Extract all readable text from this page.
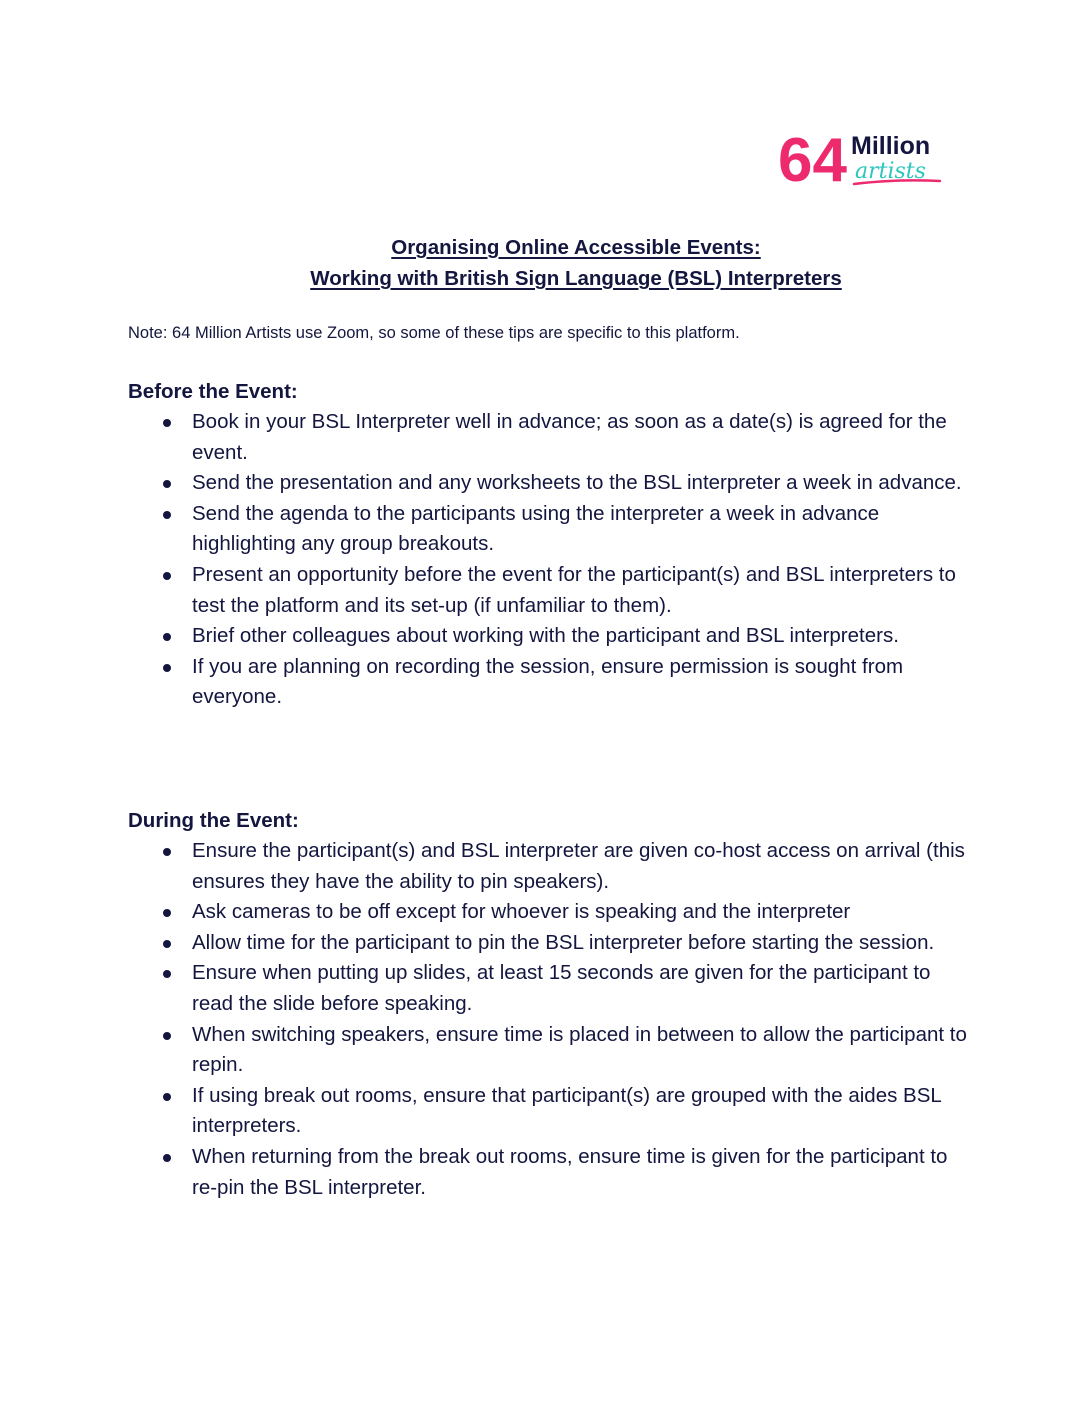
64 Million
artists

Organising Online Accessible Events:

Working with British Sign Language (BSL) Interpreters

Note: 64 Million Artists use Zoom, so some of these tips are specific to this platform.

Before the Event:

Book in your BSL Interpreter well in advance; as soon as a date(s) is agreed for the event.
Send the presentation and any worksheets to the BSL interpreter a week in advance.
Send the agenda to the participants using the interpreter a week in advance highlighting any group breakouts.
Present an opportunity before the event for the participant(s) and BSL interpreters to test the platform and its set-up (if unfamiliar to them).
Brief other colleagues about working with the participant and BSL interpreters.
If you are planning on recording the session, ensure permission is sought from everyone.

During the Event:

Ensure the participant(s) and BSL interpreter are given co-host access on arrival (this ensures they have the ability to pin speakers).
Ask cameras to be off except for whoever is speaking and the interpreter
Allow time for the participant to pin the BSL interpreter before starting the session.
Ensure when putting up slides, at least 15 seconds are given for the participant to read the slide before speaking.
When switching speakers, ensure time is placed in between to allow the participant to repin.
If using break out rooms, ensure that participant(s) are grouped with the aides BSL interpreters.
When returning from the break out rooms, ensure time is given for the participant to re-pin the BSL interpreter.
